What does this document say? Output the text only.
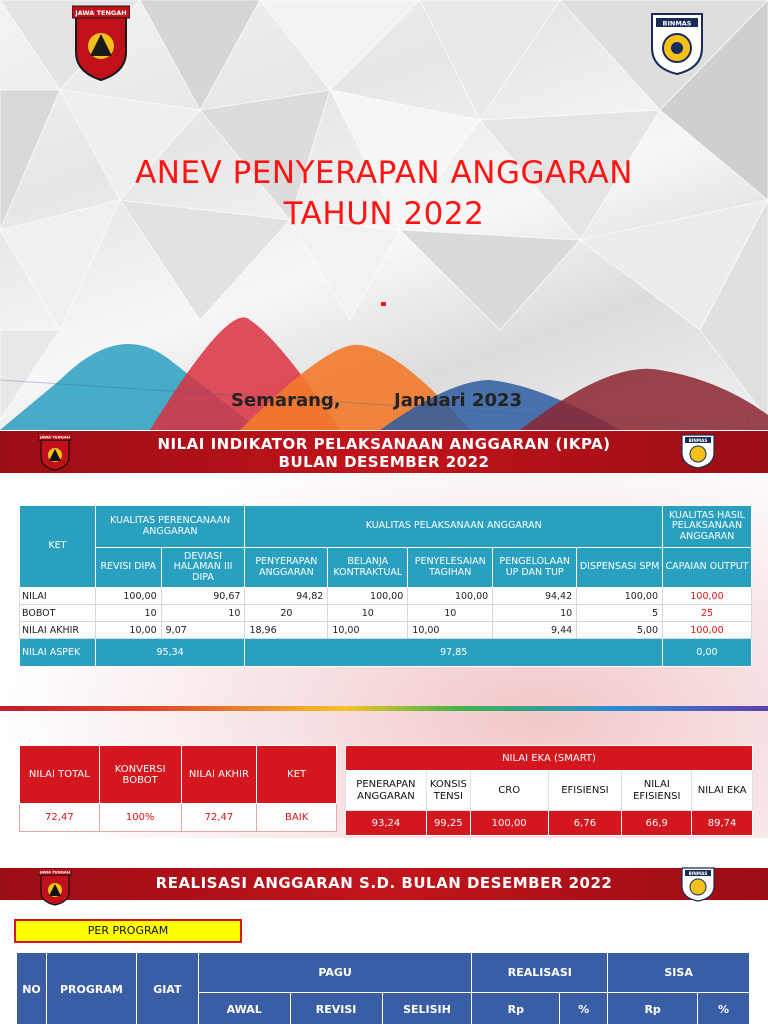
JAWA TENGAH
BINMAS
ANEV PENYERAPAN ANGGARAN
TAHUN 2022
Semarang,	Januari 2023
1
JAWA TENGAH	NILAI INDIKATOR PELAKSANAAN ANGGARAN (IKPA)
BULAN DESEMBER 2022
BINMAS
KET	KUALITAS PERENCANAAN ANGGARAN		KUALITAS PELAKSANAAN ANGGARAN					KUALITAS HASIL PELAKSANAAN ANGGARAN
	REVISI DIPA	DEVIASI HALAMAN III DIPA	PENYERAPAN ANGGARAN	BELANJA KONTRAKTUAL	PENYELESAIAN TAGIHAN	PENGELOLAAN UP DAN TUP	DISPENSASI SPM	CAPAIAN OUTPUT
NILAI	100,00	90,67	94,82	100,00	100,00	94,42	100,00	100,00
BOBOT	10	10	20	10	10	10	5	25
NILAI AKHIR	10,00	9,07	18,96	10,00	10,00	9,44	5,00	100,00
NILAI ASPEK	95,34		97,85					0,00
NILAI TOTAL	KONVERSI BOBOT	NILAI AKHIR	KET
72,47	100%	72,47	BAIK
NILAI EKA (SMART)					
PENERAPAN ANGGARAN	KONSIS TENSI	CRO	EFISIENSI	NILAI EFISIENSI	NILAI EKA
93,24	99,25	100,00	6,76	66,9	89,74
JAWA TENGAH
REALISASI ANGGARAN S.D. BULAN DESEMBER 2022
BINMAS
PER PROGRAM
NO	PROGRAM	GIAT	PAGU			REALISASI		SISA	
			AWAL	REVISI	SELISIH	Rp	%	Rp	%
